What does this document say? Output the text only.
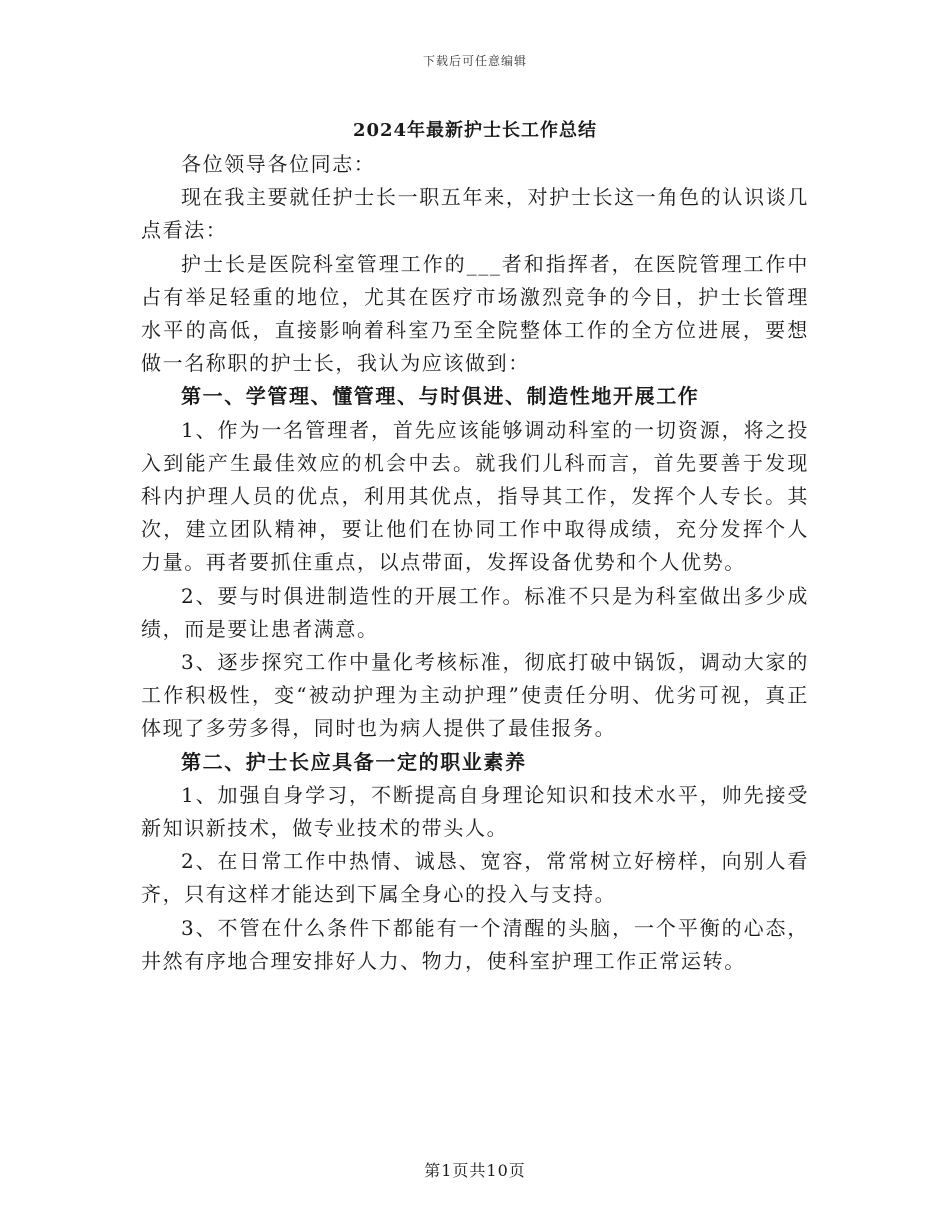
下载后可任意编辑
2024年最新护士长工作总结

各位领导各位同志：

现在我主要就任护士长一职五年来，对护士长这一角色的认识谈几点看法：

护士长是医院科室管理工作的___者和指挥者，在医院管理工作中占有举足轻重的地位，尤其在医疗市场激烈竞争的今日，护士长管理水平的高低，直接影响着科室乃至全院整体工作的全方位进展，要想做一名称职的护士长，我认为应该做到：

第一、学管理、懂管理、与时俱进、制造性地开展工作

1、作为一名管理者，首先应该能够调动科室的一切资源，将之投入到能产生最佳效应的机会中去。就我们儿科而言，首先要善于发现科内护理人员的优点，利用其优点，指导其工作，发挥个人专长。其次，建立团队精神，要让他们在协同工作中取得成绩，充分发挥个人力量。再者要抓住重点，以点带面，发挥设备优势和个人优势。

2、要与时俱进制造性的开展工作。标准不只是为科室做出多少成绩，而是要让患者满意。

3、逐步探究工作中量化考核标准，彻底打破中锅饭，调动大家的工作积极性，变“被动护理为主动护理”使责任分明、优劣可视，真正体现了多劳多得，同时也为病人提供了最佳报务。

第二、护士长应具备一定的职业素养

1、加强自身学习，不断提高自身理论知识和技术水平，帅先接受新知识新技术，做专业技术的带头人。

2、在日常工作中热情、诚恳、宽容，常常树立好榜样，向别人看齐，只有这样才能达到下属全身心的投入与支持。

3、不管在什么条件下都能有一个清醒的头脑，一个平衡的心态，井然有序地合理安排好人力、物力，使科室护理工作正常运转。

第1页共10页
